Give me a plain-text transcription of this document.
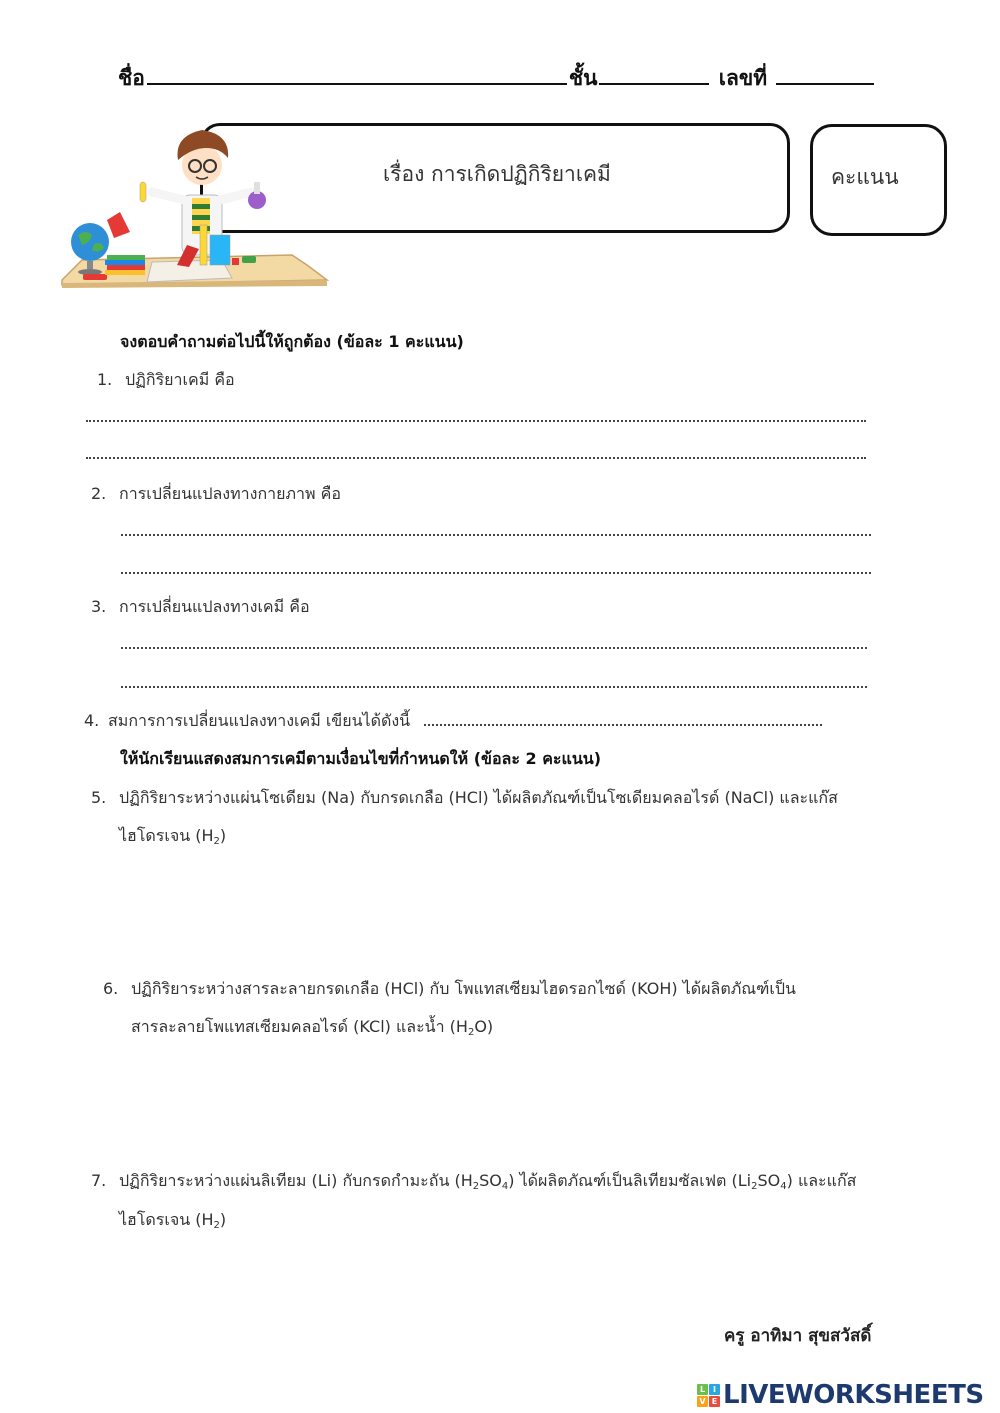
ชื่อ	ชั้น	เลขที่
เรื่อง การเกิดปฏิกิริยาเคมี	คะแนน
จงตอบคำถามต่อไปนี้ให้ถูกต้อง (ข้อละ 1 คะแนน)
1. ปฏิกิริยาเคมี คือ
2. การเปลี่ยนแปลงทางกายภาพ คือ
3. การเปลี่ยนแปลงทางเคมี คือ
4. สมการการเปลี่ยนแปลงทางเคมี เขียนได้ดังนี้
ให้นักเรียนแสดงสมการเคมีตามเงื่อนไขที่กำหนดให้ (ข้อละ 2 คะแนน)
5. ปฏิกิริยาระหว่างแผ่นโซเดียม (Na) กับกรดเกลือ (HCl) ได้ผลิตภัณฑ์เป็นโซเดียมคลอไรด์ (NaCl) และแก๊ส
ไฮโดรเจน $(H_2)$
6. ปฏิกิริยาระหว่างสารละลายกรดเกลือ (HCl) กับ โพแทสเซียมไฮดรอกไซด์ (KOH) ได้ผลิตภัณฑ์เป็น
สารละลายโพแทสเซียมคลอไรด์ (KCl) และน้ำ $(H_2O)$
7. ปฏิกิริยาระหว่างแผ่นลิเทียม (Li) กับกรดกำมะถัน $(H_2SO_4)$ ได้ผลิตภัณฑ์เป็นลิเทียมซัลเฟต $(Li_2SO_4)$ และแก๊ส
ไฮโดรเจน $(H_2)$
ครู อาทิมา สุขสวัสดิ์
L I
V E LIVEWORKSHEETS
